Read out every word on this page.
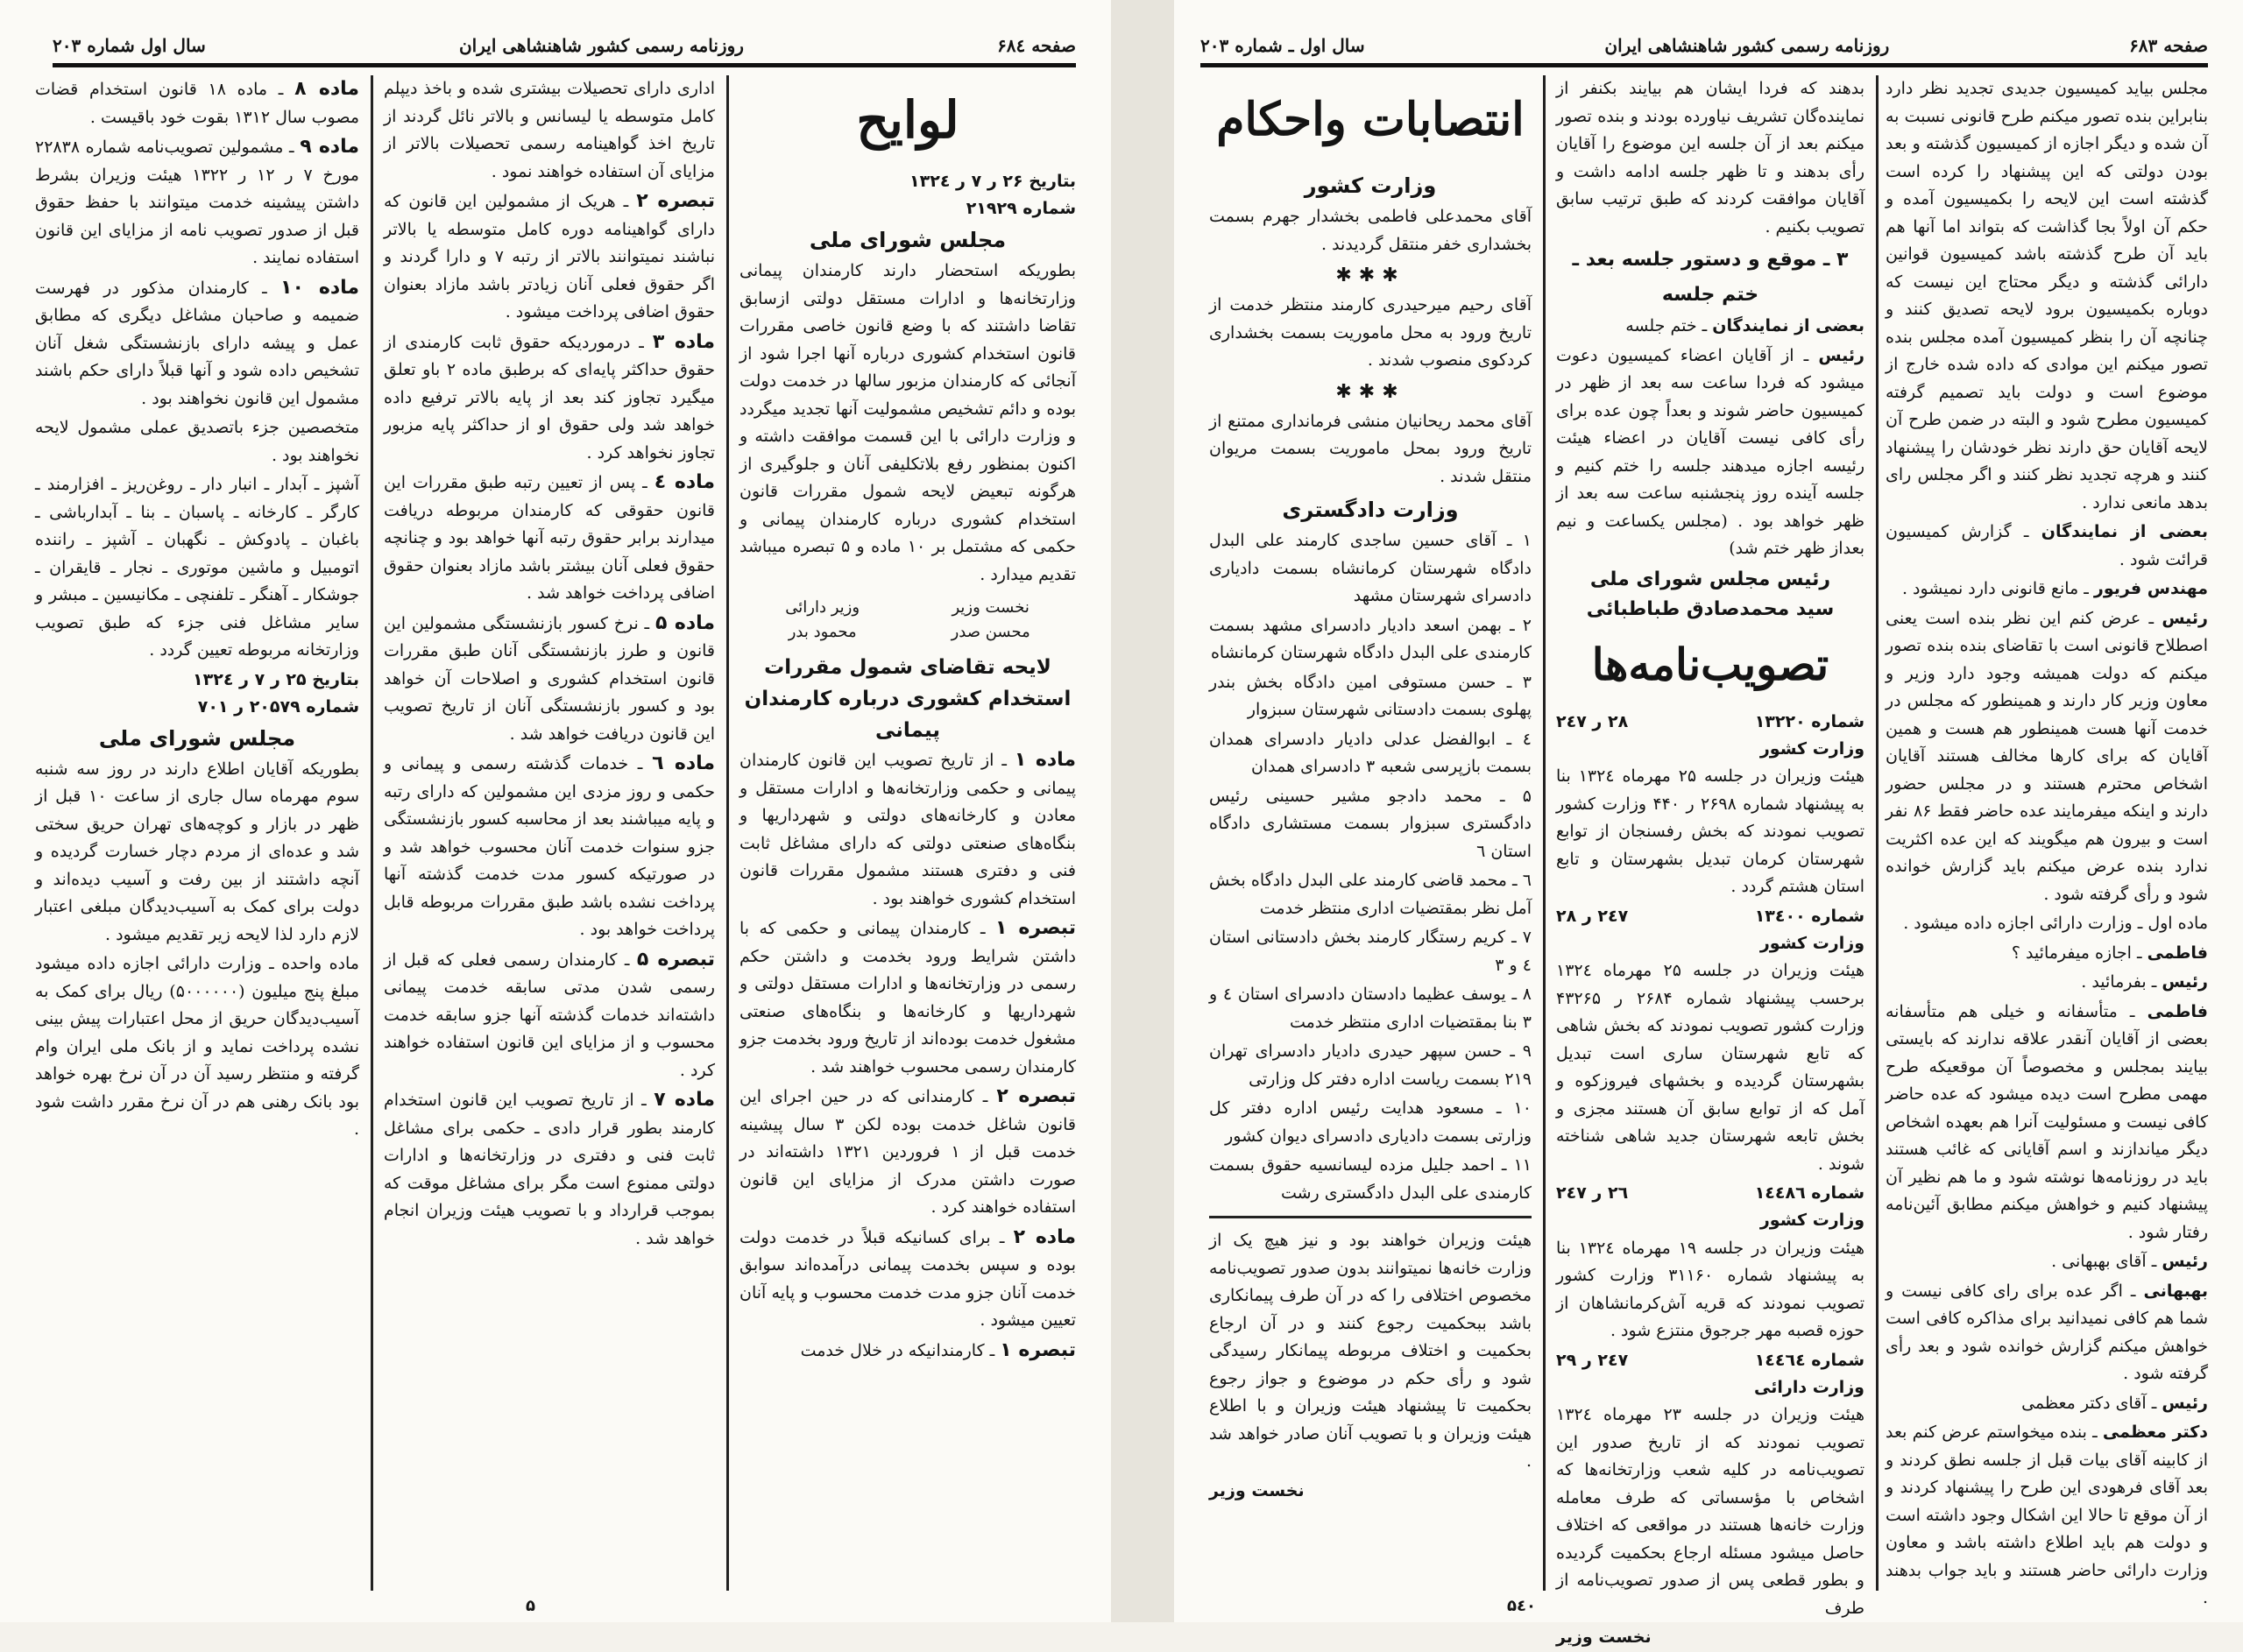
صفحه ۶۸٤
روزنامه رسمی کشور شاهنشاهی ایران
سال اول شماره ۲۰۳
لوایح
بتاریخ ۲۶ ر ۷ ر ۱۳۲٤
شماره ۲۱۹۲۹
مجلس شورای ملی

بطوریکه استحضار دارند کارمندان پیمانی وزارتخانه‌ها و ادارات مستقل دولتی ازسابق تقاضا داشتند که با وضع قانون خاصی مقررات قانون استخدام کشوری درباره آنها اجرا شود از آنجائی که کارمندان مزبور سالها در خدمت دولت بوده و دائم تشخیص مشمولیت آنها تجدید میگردد و وزارت دارائی با این قسمت موافقت داشته و اکنون بمنظور رفع بلاتکلیفی آنان و جلوگیری از هرگونه تبعیض لایحه شمول مقررات قانون استخدام کشوری درباره کارمندان پیمانی و حکمی که مشتمل بر ۱۰ ماده و ۵ تبصره میباشد تقدیم میدارد .

نخست وزیر
محسن صدر
وزیر دارائی
محمود بدر
لایحه تقاضای شمول مقررات استخدام کشوری درباره کارمندان پیمانی

ماده ۱ ـ از تاریخ تصویب این قانون کارمندان پیمانی و حکمی وزارتخانه‌ها و ادارات مستقل و معادن و کارخانه‌های دولتی و شهرداریها و بنگاه‌های صنعتی دولتی که دارای مشاغل ثابت فنی و دفتری هستند مشمول مقررات قانون استخدام کشوری خواهند بود .

تبصره ۱ ـ کارمندان پیمانی و حکمی که با داشتن شرایط ورود بخدمت و داشتن حکم رسمی در وزارتخانه‌ها و ادارات مستقل دولتی و شهرداریها و کارخانه‌ها و بنگاه‌های صنعتی مشغول خدمت بوده‌اند از تاریخ ورود بخدمت جزو کارمندان رسمی محسوب خواهند شد .

تبصره ۲ ـ کارمندانی که در حین اجرای این قانون شاغل خدمت بوده لکن ۳ سال پیشینه خدمت قبل از ۱ فروردین ۱۳۲۱ داشته‌اند در صورت داشتن مدرک از مزایای این قانون استفاده خواهند کرد .

ماده ۲ ـ برای کسانیکه قبلاً در خدمت دولت بوده و سپس بخدمت پیمانی درآمده‌اند سوابق خدمت آنان جزو مدت خدمت محسوب و پایه آنان تعیین میشود .

تبصره ۱ ـ کارمندانیکه در خلال خدمت

اداری دارای تحصیلات بیشتری شده و باخذ دیپلم کامل متوسطه یا لیسانس و بالاتر نائل گردند از تاریخ اخذ گواهینامه رسمی تحصیلات بالاتر از مزایای آن استفاده خواهند نمود .

تبصره ۲ ـ هریک از مشمولین این قانون که دارای گواهینامه دوره کامل متوسطه یا بالاتر نباشند نمیتوانند بالاتر از رتبه ۷ و دارا گردند و اگر حقوق فعلی آنان زیادتر باشد مازاد بعنوان حقوق اضافی پرداخت میشود .

ماده ۳ ـ درموردیکه حقوق ثابت کارمندی از حقوق حداکثر پایه‌ای که برطبق ماده ۲ باو تعلق میگیرد تجاوز کند بعد از پایه بالاتر ترفیع داده خواهد شد ولی حقوق او از حداکثر پایه مزبور تجاوز نخواهد کرد .

ماده ٤ ـ پس از تعیین رتبه طبق مقررات این قانون حقوقی که کارمندان مربوطه دریافت میدارند برابر حقوق رتبه آنها خواهد بود و چنانچه حقوق فعلی آنان بیشتر باشد مازاد بعنوان حقوق اضافی پرداخت خواهد شد .

ماده ۵ ـ نرخ کسور بازنشستگی مشمولین این قانون و طرز بازنشستگی آنان طبق مقررات قانون استخدام کشوری و اصلاحات آن خواهد بود و کسور بازنشستگی آنان از تاریخ تصویب این قانون دریافت خواهد شد .

ماده ٦ ـ خدمات گذشته رسمی و پیمانی و حکمی و روز مزدی این مشمولین که دارای رتبه و پایه میباشند بعد از محاسبه کسور بازنشستگی جزو سنوات خدمت آنان محسوب خواهد شد و در صورتیکه کسور مدت خدمت گذشته آنها پرداخت نشده باشد طبق مقررات مربوطه قابل پرداخت خواهد بود .

تبصره ۵ ـ کارمندان رسمی فعلی که قبل از رسمی شدن مدتی سابقه خدمت پیمانی داشته‌اند خدمات گذشته آنها جزو سابقه خدمت محسوب و از مزایای این قانون استفاده خواهند کرد .

ماده ۷ ـ از تاریخ تصویب این قانون استخدام کارمند بطور قرار دادی ـ حکمی برای مشاغل ثابت فنی و دفتری در وزارتخانه‌ها و ادارات دولتی ممنوع است مگر برای مشاغل موقت که بموجب قرارداد و با تصویب هیئت وزیران انجام خواهد شد .

ماده ۸ ـ ماده ۱۸ قانون استخدام قضات مصوب سال ۱۳۱۲ بقوت خود باقیست .

ماده ۹ ـ مشمولین تصویب‌نامه شماره ۲۲۸۳۸ مورخ ۷ ر ۱۲ ر ۱۳۲۲ هیئت وزیران بشرط داشتن پیشینه خدمت میتوانند با حفظ حقوق قبل از صدور تصویب نامه از مزایای این قانون استفاده نمایند .

ماده ۱۰ ـ کارمندان مذکور در فهرست ضمیمه و صاحبان مشاغل دیگری که مطابق عمل و پیشه دارای بازنشستگی شغل آنان تشخیص داده شود و آنها قبلاً دارای حکم باشند مشمول این قانون نخواهند بود .

متخصصین جزء باتصدیق عملی مشمول لایحه نخواهند بود .

آشپز ـ آبدار ـ انبار دار ـ روغن‌ریز ـ افزارمند ـ کارگر ـ کارخانه ـ پاسبان ـ بنا ـ آبدارباشی ـ باغبان ـ پادوکش ـ نگهبان ـ آشپز ـ راننده اتومبیل و ماشین موتوری ـ نجار ـ قایقران ـ جوشکار ـ آهنگر ـ تلفنچی ـ مکانیسین ـ مبشر و سایر مشاغل فنی جزء که طبق تصویب وزارتخانه مربوطه تعیین گردد .

بتاریخ ۲۵ ر ۷ ر ۱۳۲٤
شماره ۲۰۵۷۹ ر ۷۰۱
مجلس شورای ملی

بطوریکه آقایان اطلاع دارند در روز سه شنبه سوم مهرماه سال جاری از ساعت ۱۰ قبل از ظهر در بازار و کوچه‌های تهران حریق سختی شد و عده‌ای از مردم دچار خسارت گردیده و آنچه داشتند از بین رفت و آسیب دیده‌اند و دولت برای کمک به آسیب‌دیدگان مبلغی اعتبار لازم دارد لذا لایحه زیر تقدیم میشود .

ماده واحده ـ وزارت دارائی اجازه داده میشود مبلغ پنج میلیون (۵۰۰۰۰۰۰) ریال برای کمک به آسیب‌دیدگان حریق از محل اعتبارات پیش بینی نشده پرداخت نماید و از بانک ملی ایران وام گرفته و منتظر رسید آن در آن نرخ بهره خواهد بود بانک رهنی هم در آن نرخ مقرر داشت شود .

۵
صفحه ۶۸۳
روزنامه رسمی کشور شاهنشاهی ایران
سال اول ـ شماره ۲۰۳

مجلس بیاید کمیسیون جدیدی تجدید نظر دارد بنابراین بنده تصور میکنم طرح قانونی نسبت به آن شده و دیگر اجازه از کمیسیون گذشته و بعد بودن دولتی که این پیشنهاد را کرده است گذشته است این لایحه را بکمیسیون آمده و حکم آن اولاً بجا گذاشت که بتواند اما آنها هم باید آن طرح گذشته باشد کمیسیون قوانین دارائی گذشته و دیگر محتاج این نیست که دوباره بکمیسیون برود لایحه تصدیق کنند و چنانچه آن را بنظر کمیسیون آمده مجلس بنده تصور میکنم این موادی که داده شده خارج از موضوع است و دولت باید تصمیم گرفته کمیسیون مطرح شود و البته در ضمن طرح آن لایحه آقایان حق دارند نظر خودشان را پیشنهاد کنند و هرچه تجدید نظر کنند و اگر مجلس رای بدهد مانعی ندارد .

بعضی از نمایندگان ـ گزارش کمیسیون قرائت شود .

مهندس فریور ـ مانع قانونی دارد نمیشود .

رئیس ـ عرض کنم این نظر بنده است یعنی اصطلاح قانونی است با تقاضای بنده بنده تصور میکنم که دولت همیشه وجود دارد وزیر و معاون وزیر کار دارند و همینطور که مجلس در خدمت آنها هست همینطور هم هست و همین آقایان که برای کارها مخالف هستند آقایان اشخاص محترم هستند و در مجلس حضور دارند و اینکه میفرمایند عده حاضر فقط ۸۶ نفر است و بیرون هم میگویند که این عده اکثریت ندارد بنده عرض میکنم باید گزارش خوانده شود و رأی گرفته شود .

ماده اول ـ وزارت دارائی اجازه داده میشود .

فاطمی ـ اجازه میفرمائید ؟

رئیس ـ بفرمائید .

فاطمی ـ متأسفانه و خیلی هم متأسفانه بعضی از آقایان آنقدر علاقه ندارند که بایستی بیایند بمجلس و مخصوصاً آن موقعیکه طرح مهمی مطرح است دیده میشود که عده حاضر کافی نیست و مسئولیت آنرا هم بعهده اشخاص دیگر میاندازند و اسم آقایانی که غائب هستند باید در روزنامه‌ها نوشته شود و ما هم نظیر آن پیشنهاد کنیم و خواهش میکنم مطابق آئین‌نامه رفتار شود .

رئیس ـ آقای بهبهانی .

بهبهانی ـ اگر عده برای رای کافی نیست و شما هم کافی نمیدانید برای مذاکره کافی است خواهش میکنم گزارش خوانده شود و بعد رأی گرفته شود .

رئیس ـ آقای دکتر معظمی

دکتر معظمی ـ بنده میخواستم عرض کنم بعد از کابینه آقای بیات قبل از جلسه نطق کردند و بعد آقای فرهودی این طرح را پیشنهاد کردند و از آن موقع تا حالا این اشکال وجود داشته است و دولت هم باید اطلاع داشته باشد و معاون وزارت دارائی حاضر هستند و باید جواب بدهند .

بدهند که فردا ایشان هم بیایند بکنفر از نماینده‌گان تشریف نیاورده بودند و بنده تصور میکنم بعد از آن جلسه این موضوع را آقایان رأی بدهند و تا ظهر جلسه ادامه داشت و آقایان موافقت کردند که طبق ترتیب سابق تصویب بکنیم .

۳ ـ موقع و دستور جلسه بعد ـ ختم جلسه

بعضی از نمایندگان ـ ختم جلسه

رئیس ـ از آقایان اعضاء کمیسیون دعوت میشود که فردا ساعت سه بعد از ظهر در کمیسیون حاضر شوند و بعداً چون عده برای رأی کافی نیست آقایان در اعضاء هیئت رئیسه اجازه میدهند جلسه را ختم کنیم و جلسه آینده روز پنجشنبه ساعت سه بعد از ظهر خواهد بود . (مجلس یکساعت و نیم بعداز ظهر ختم شد)

رئیس مجلس شورای ملی
سید محمدصادق طباطبائی
تصویب‌نامه‌ها
شماره ۱۳۲۲۰
۲۸ ر ۲٤٧
وزارت کشور

هیئت وزیران در جلسه ۲۵ مهرماه ۱۳۲٤ بنا به پیشنهاد شماره ۲۶۹۸ ر ۴۴۰ وزارت کشور تصویب نمودند که بخش رفسنجان از توابع شهرستان کرمان تبدیل بشهرستان و تابع استان هشتم گردد .

شماره ۱۳٤٠٠
۲٤٧ ر ۲٨
وزارت کشور

هیئت وزیران در جلسه ۲۵ مهرماه ۱۳۲٤ برحسب پیشنهاد شماره ۲۶۸۴ ر ۴۳۲۶۵ وزارت کشور تصویب نمودند که بخش شاهی که تابع شهرستان ساری است تبدیل بشهرستان گردیده و بخشهای فیروزکوه و آمل که از توابع سابق آن هستند مجزی و بخش تابعه شهرستان جدید شاهی شناخته شوند .

شماره ۱٤٤۸٦
۲٦ ر ۲٤٧
وزارت کشور

هیئت وزیران در جلسه ۱۹ مهرماه ۱۳۲٤ بنا به پیشنهاد شماره ۳۱۱۶۰ وزارت کشور تصویب نمودند که قریه آش‌کرمانشاهان از حوزه قصبه مهر جرجوق منتزع شود .

شماره ۱٤٤٦٤
۲٤٧ ر ۲۹
وزارت دارائی

هیئت وزیران در جلسه ۲۳ مهرماه ۱۳۲٤ تصویب نمودند که از تاریخ صدور این تصویب‌نامه در کلیه شعب وزارتخانه‌ها که اشخاص با مؤسساتی که طرف معامله وزارت خانه‌ها هستند در مواقعی که اختلاف حاصل میشود مسئله ارجاع بحکمیت گردیده و بطور قطعی پس از صدور تصویب‌نامه از طرف

نخست وزیر
انتصابات واحکام
وزارت کشور

آقای محمدعلی فاطمی بخشدار جهرم بسمت بخشداری خفر منتقل گردیدند .

✱✱✱

آقای رحیم میرحیدری کارمند منتظر خدمت از تاریخ ورود به محل ماموریت بسمت بخشداری کردکوی منصوب شدند .

✱✱✱

آقای محمد ریحانیان منشی فرمانداری ممتنع از تاریخ ورود بمحل ماموریت بسمت مریوان منتقل شدند .

وزارت دادگستری

۱ ـ آقای حسین ساجدی کارمند علی البدل دادگاه شهرستان کرمانشاه بسمت دادیاری دادسرای شهرستان مشهد

۲ ـ بهمن اسعد دادیار دادسرای مشهد بسمت کارمندی علی البدل دادگاه شهرستان کرمانشاه

۳ ـ حسن مستوفی امین دادگاه بخش بندر پهلوی بسمت دادستانی شهرستان سبزوار

٤ ـ ابوالفضل عدلی دادیار دادسرای همدان بسمت بازپرسی شعبه ۳ دادسرای همدان

۵ ـ محمد دادجو مشیر حسینی رئیس دادگستری سبزوار بسمت مستشاری دادگاه استان ٦

٦ ـ محمد قاضی کارمند علی البدل دادگاه بخش آمل نظر بمقتضیات اداری منتظر خدمت

۷ ـ کریم رستگار کارمند بخش دادستانی استان ٤ و ۳

۸ ـ یوسف عظیما دادستان دادسرای استان ٤ و ۳ بنا بمقتضیات اداری منتظر خدمت

۹ ـ حسن سپهر حیدری دادیار دادسرای تهران ۲۱۹ بسمت ریاست اداره دفتر کل وزارتی

۱۰ ـ مسعود هدایت رئیس اداره دفتر کل وزارتی بسمت دادیاری دادسرای دیوان کشور

۱۱ ـ احمد جلیل مزده لیسانسیه حقوق بسمت کارمندی علی البدل دادگستری رشت

هیئت وزیران خواهند بود و نیز هیچ یک از وزارت خانه‌ها نمیتوانند بدون صدور تصویب‌نامه مخصوص اختلافی را که در آن طرف پیمانکاری باشد ببحکمیت رجوع کنند و در آن ارجاع بحکمیت و اختلاف مربوطه پیمانکار رسیدگی شود و رأی حکم در موضوع و جواز رجوع بحکمیت تا پیشنهاد هیئت وزیران و با اطلاع هیئت وزیران و با تصویب آنان صادر خواهد شد .

نخست وزیر
۵٤۰
